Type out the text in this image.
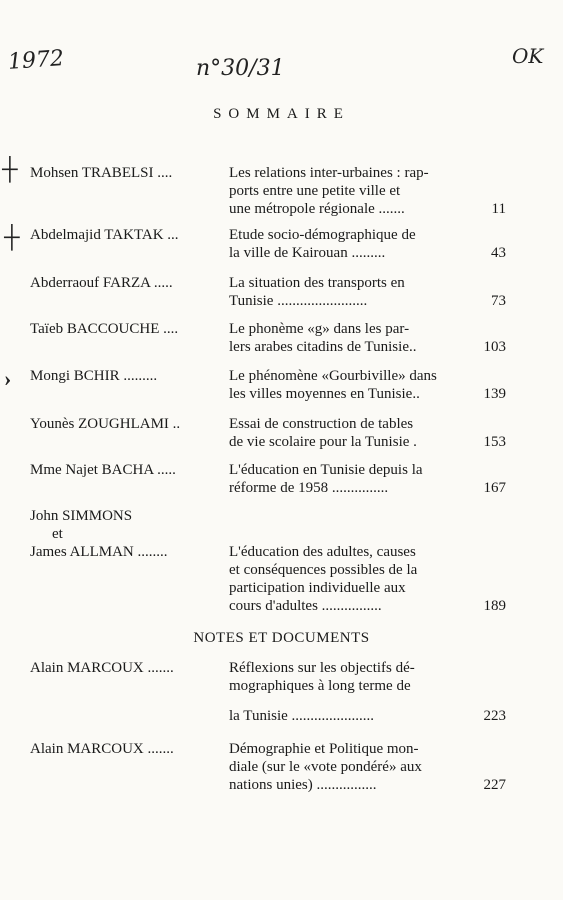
1972	n°30/31	OK
SOMMAIRE
┼
┼
›
Mohsen TRABELSI ....	Les relations inter-urbaines : rap-
ports entre une petite ville et
une métropole régionale .......	11
Abdelmajid TAKTAK ...	Etude socio-démographique de
la ville de Kairouan .........	43
Abderraouf FARZA .....	La situation des transports en
Tunisie ........................	73
Taïeb BACCOUCHE ....	Le phonème «g» dans les par-
lers arabes citadins de Tunisie..	103
Mongi BCHIR .........	Le phénomène «Gourbiville» dans
les villes moyennes en Tunisie..	139
Younès ZOUGHLAMI ..	Essai de construction de tables
de vie scolaire pour la Tunisie .	153
Mme Najet BACHA .....	L'éducation en Tunisie depuis la
réforme de 1958 ...............	167
John SIMMONS
et
James ALLMAN ........	L'éducation des adultes, causes
et conséquences possibles de la
participation individuelle aux
cours d'adultes ................	189
NOTES ET DOCUMENTS
Alain MARCOUX .......	Réflexions sur les objectifs dé-
mographiques à long terme de
la Tunisie ......................	223
Alain MARCOUX .......	Démographie et Politique mon-
diale (sur le «vote pondéré» aux
nations unies) ................	227
